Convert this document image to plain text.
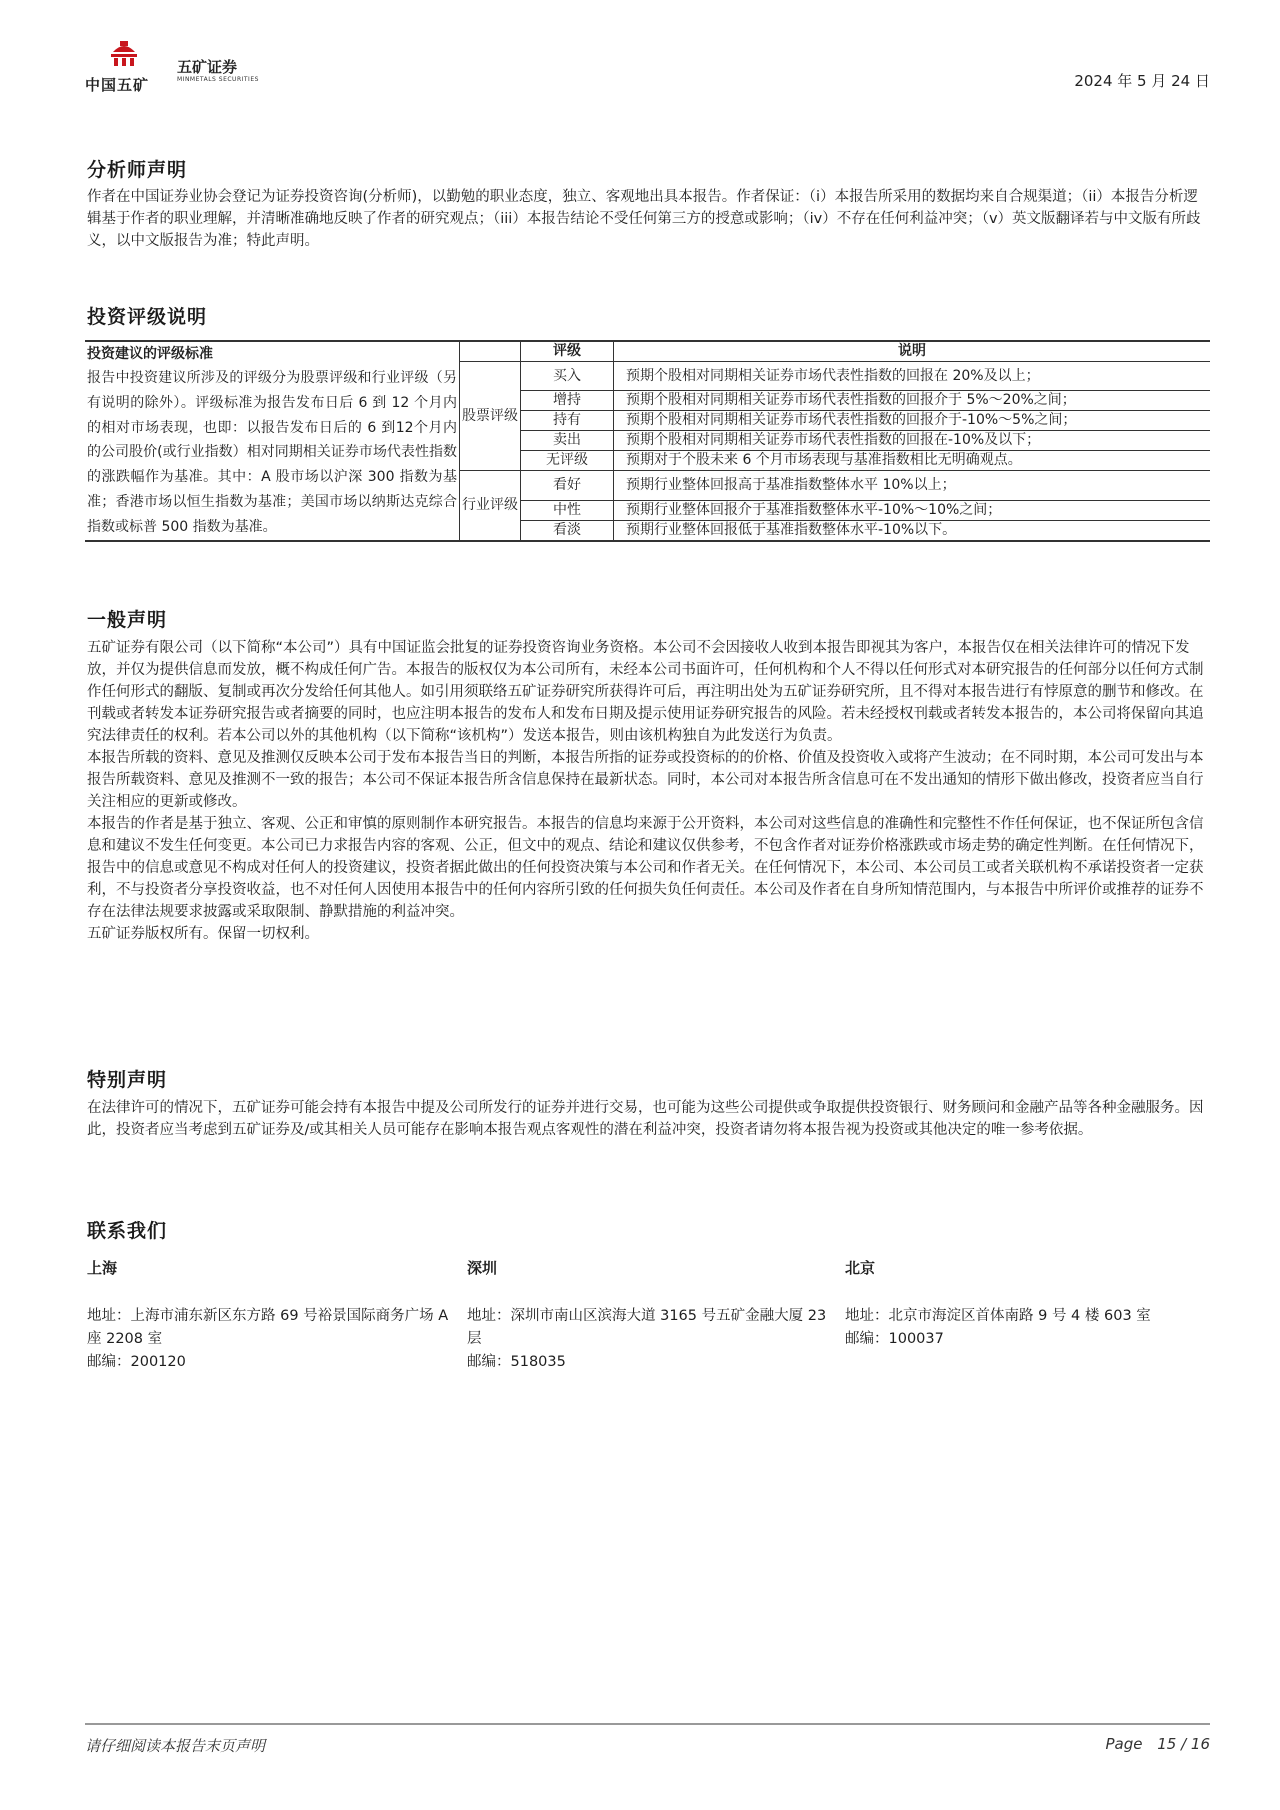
中国五矿
五矿证券
MINMETALS SECURITIES	2024 年 5 月 24 日
分析师声明
作者在中国证券业协会登记为证券投资咨询(分析师)，以勤勉的职业态度，独立、客观地出具本报告。作者保证：（i）本报告所采用的数据均来自合规渠道；（ii）本报告分析逻辑基于作者的职业理解，并清晰准确地反映了作者的研究观点；（iii）本报告结论不受任何第三方的授意或影响；（iv）不存在任何利益冲突；（v）英文版翻译若与中文版有所歧义，以中文版报告为准；特此声明。
投资评级说明
投资建议的评级标准
报告中投资建议所涉及的评级分为股票评级和行业评级（另有说明的除外）。评级标准为报告发布日后 6 到 12 个月内的相对市场表现，也即：以报告发布日后的 6 到12个月内的公司股价(或行业指数）相对同期相关证券市场代表性指数的涨跌幅作为基准。其中：A 股市场以沪深 300 指数为基准；香港市场以恒生指数为基准；美国市场以纳斯达克综合指数或标普 500 指数为基准。		评级	说明
	股票评级	买入	预期个股相对同期相关证券市场代表性指数的回报在 20%及以上；
		增持	预期个股相对同期相关证券市场代表性指数的回报介于 5%～20%之间；
		持有	预期个股相对同期相关证券市场代表性指数的回报介于-10%～5%之间；
		卖出	预期个股相对同期相关证券市场代表性指数的回报在-10%及以下；
		无评级	预期对于个股未来 6 个月市场表现与基准指数相比无明确观点。
	行业评级	看好	预期行业整体回报高于基准指数整体水平 10%以上；
		中性	预期行业整体回报介于基准指数整体水平-10%～10%之间；
		看淡	预期行业整体回报低于基准指数整体水平-10%以下。
一般声明

五矿证券有限公司（以下简称“本公司”）具有中国证监会批复的证券投资咨询业务资格。本公司不会因接收人收到本报告即视其为客户，本报告仅在相关法律许可的情况下发放，并仅为提供信息而发放，概不构成任何广告。本报告的版权仅为本公司所有，未经本公司书面许可，任何机构和个人不得以任何形式对本研究报告的任何部分以任何方式制作任何形式的翻版、复制或再次分发给任何其他人。如引用须联络五矿证券研究所获得许可后，再注明出处为五矿证券研究所，且不得对本报告进行有悖原意的删节和修改。在刊载或者转发本证券研究报告或者摘要的同时，也应注明本报告的发布人和发布日期及提示使用证券研究报告的风险。若未经授权刊载或者转发本报告的，本公司将保留向其追究法律责任的权利。若本公司以外的其他机构（以下简称“该机构”）发送本报告，则由该机构独自为此发送行为负责。

本报告所载的资料、意见及推测仅反映本公司于发布本报告当日的判断，本报告所指的证券或投资标的的价格、价值及投资收入或将产生波动；在不同时期，本公司可发出与本报告所载资料、意见及推测不一致的报告；本公司不保证本报告所含信息保持在最新状态。同时，本公司对本报告所含信息可在不发出通知的情形下做出修改，投资者应当自行关注相应的更新或修改。

本报告的作者是基于独立、客观、公正和审慎的原则制作本研究报告。本报告的信息均来源于公开资料，本公司对这些信息的准确性和完整性不作任何保证，也不保证所包含信息和建议不发生任何变更。本公司已力求报告内容的客观、公正，但文中的观点、结论和建议仅供参考，不包含作者对证券价格涨跌或市场走势的确定性判断。在任何情况下，报告中的信息或意见不构成对任何人的投资建议，投资者据此做出的任何投资决策与本公司和作者无关。在任何情况下，本公司、本公司员工或者关联机构不承诺投资者一定获利，不与投资者分享投资收益，也不对任何人因使用本报告中的任何内容所引致的任何损失负任何责任。本公司及作者在自身所知情范围内，与本报告中所评价或推荐的证券不存在法律法规要求披露或采取限制、静默措施的利益冲突。

五矿证券版权所有。保留一切权利。

特别声明
在法律许可的情况下，五矿证券可能会持有本报告中提及公司所发行的证券并进行交易，也可能为这些公司提供或争取提供投资银行、财务顾问和金融产品等各种金融服务。因此，投资者应当考虑到五矿证券及/或其相关人员可能存在影响本报告观点客观性的潜在利益冲突，投资者请勿将本报告视为投资或其他决定的唯一参考依据。
联系我们
上海
地址：上海市浦东新区东方路 69 号裕景国际商务广场 A 座 2208 室
邮编：200120
深圳
地址：深圳市南山区滨海大道 3165 号五矿金融大厦 23 层
邮编：518035
北京
地址：北京市海淀区首体南路 9 号 4 楼 603 室
邮编：100037
请仔细阅读本报告末页声明	Page 15 / 16
